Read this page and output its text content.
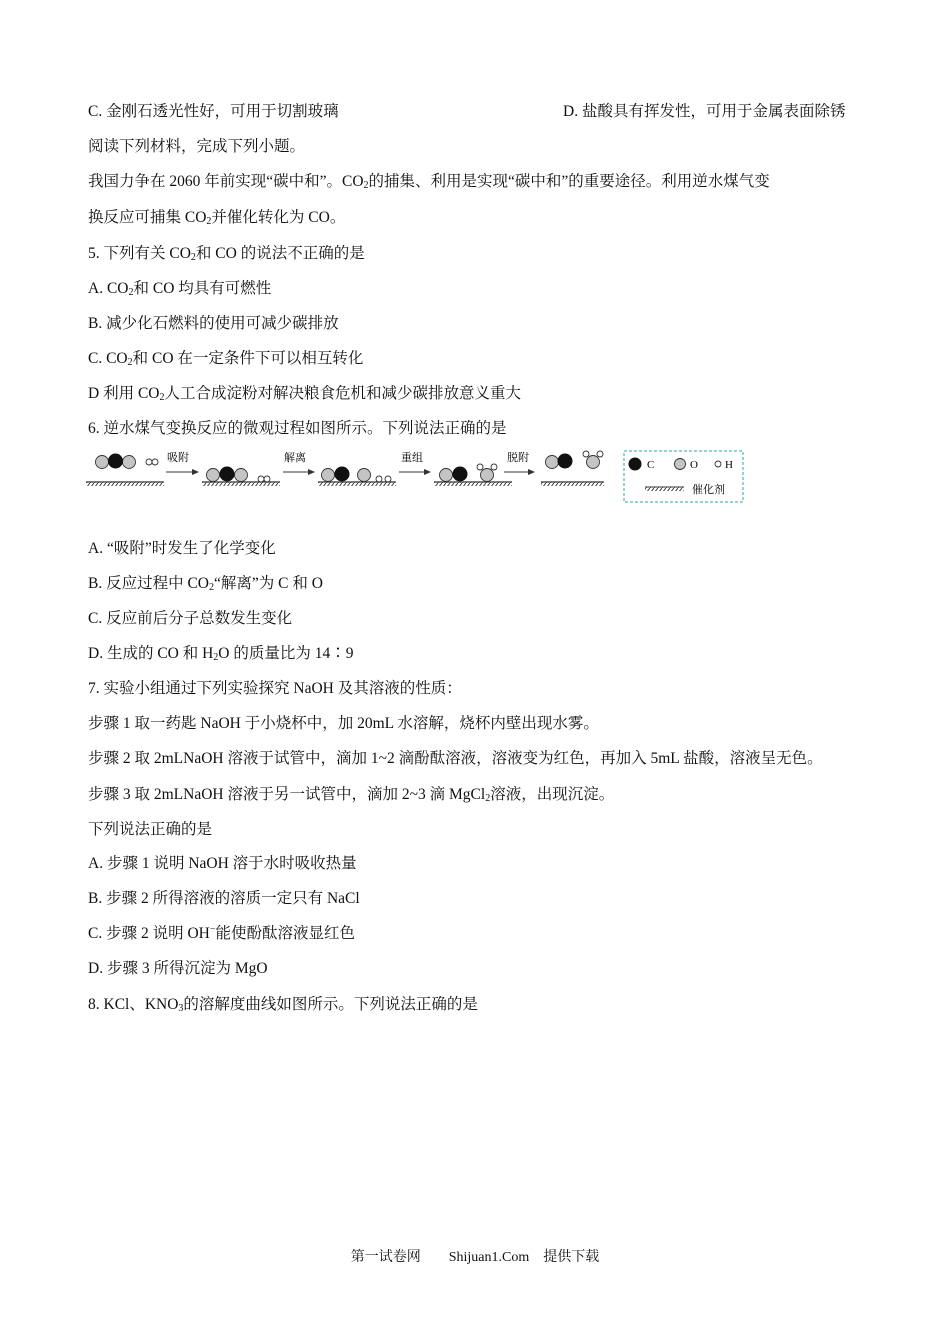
C. 金刚石透光性好，可用于切割玻璃	D. 盐酸具有挥发性，可用于金属表面除锈
阅读下列材料，完成下列小题。
我国力争在 2060 年前实现“碳中和”。$CO_2$的捕集、利用是实现“碳中和”的重要途径。利用逆水煤气变
换反应可捕集 $CO_2$并催化转化为 CO。
5. 下列有关 $CO_2$和 CO 的说法不正确的是
A. $CO_2$和 CO 均具有可燃性
B. 减少化石燃料的使用可减少碳排放
C. $CO_2$和 CO 在一定条件下可以相互转化
D 利用 $CO_2$人工合成淀粉对解决粮食危机和减少碳排放意义重大
6. 逆水煤气变换反应的微观过程如图所示。下列说法正确的是
吸附	解离	重组	脱附
C	O H
催化剂
A. “吸附”时发生了化学变化
B. 反应过程中 $CO_2“$解离”为 C 和 O
C. 反应前后分子总数发生变化
D. 生成的 CO 和 $H_2O$ 的质量比为 14∶9
7. 实验小组通过下列实验探究 NaOH 及其溶液的性质：
步骤 1 取一药匙 NaOH 于小烧杯中，加 20mL 水溶解，烧杯内壁出现水雾。
步骤 2 取 2mLNaOH 溶液于试管中，滴加 1~2 滴酚酞溶液，溶液变为红色，再加入 5mL 盐酸，溶液呈无色。
步骤 3 取 2mLNaOH 溶液于另一试管中，滴加 2~3 滴 MgCl$_2$溶液，出现沉淀。
下列说法正确的是
A. 步骤 1 说明 NaOH 溶于水时吸收热量
B. 步骤 2 所得溶液的溶质一定只有 NaCl
C. 步骤 2 说明 OH−能使酚酞溶液显红色
D. 步骤 3 所得沉淀为 MgO
8. KCl、$KNO_3$的溶解度曲线如图所示。下列说法正确的是
第一试卷网        Shijuan1.Com    提供下载
